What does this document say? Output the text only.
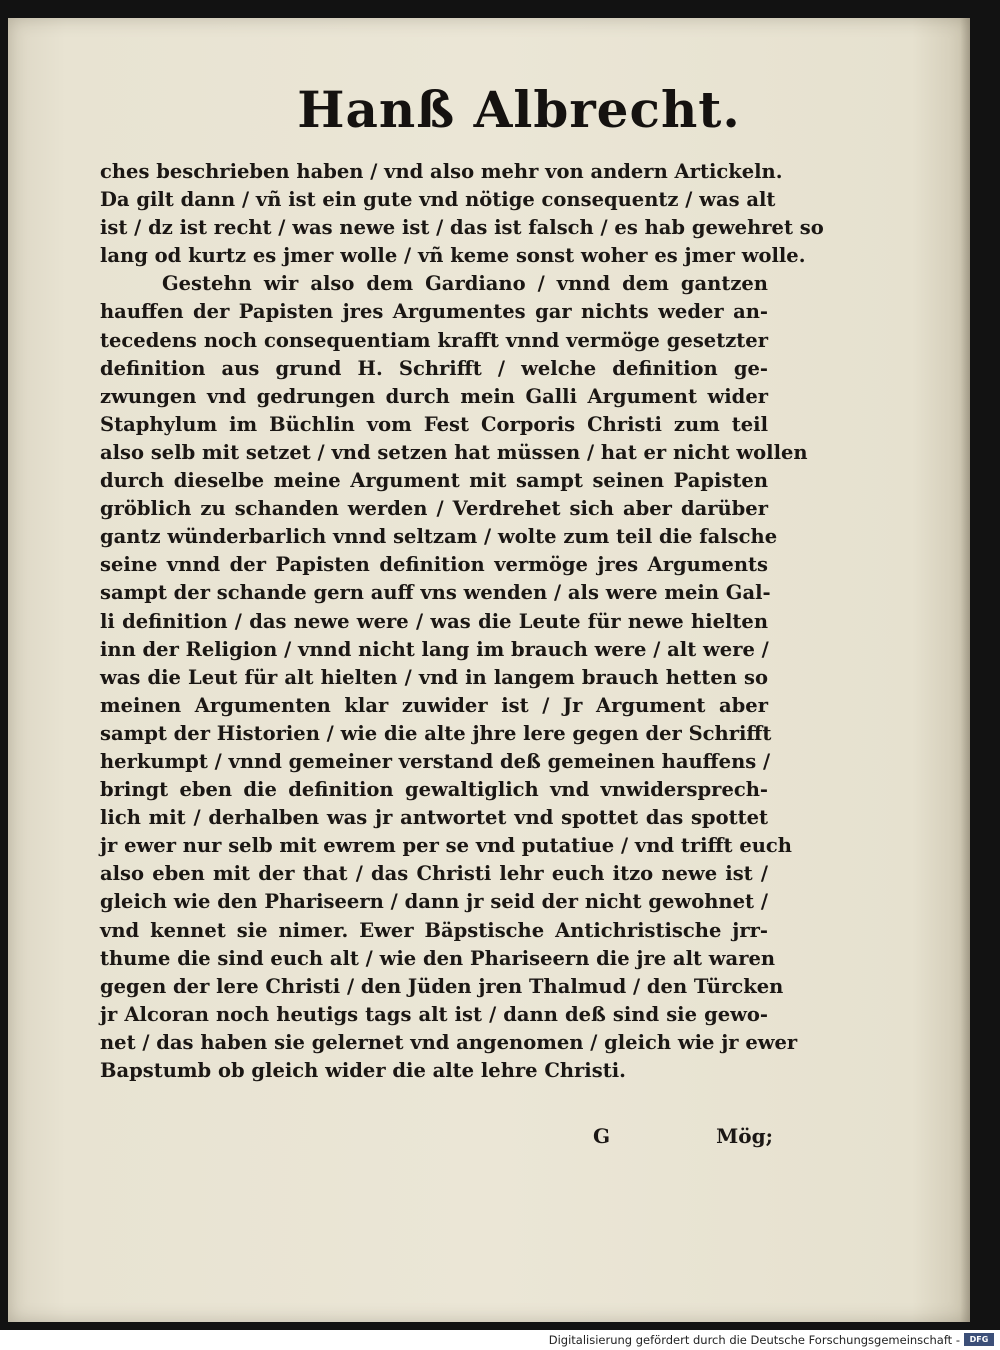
Hanß Albrecht.
ches beschrieben haben / vnd also mehr von andern Artickeln.
Da gilt dann / vñ ist ein gute vnd nötige consequentz / was alt
ist / dz ist recht / was newe ist / das ist falsch / es hab gewehret so
lang od kurtz es jmer wolle / vñ keme sonst woher es jmer wolle.
Gestehn wir also dem Gardiano / vnnd dem gantzen
hauffen der Papisten jres Argumentes gar nichts weder an-
tecedens noch consequentiam krafft vnnd vermöge gesetzter
definition aus grund H. Schrifft / welche definition ge-
zwungen vnd gedrungen durch mein Galli Argument wider
Staphylum im Büchlin vom Fest Corporis Christi zum teil
also selb mit setzet / vnd setzen hat müssen / hat er nicht wollen
durch dieselbe meine Argument mit sampt seinen Papisten
gröblich zu schanden werden / Verdrehet sich aber darüber
gantz wünderbarlich vnnd seltzam / wolte zum teil die falsche
seine vnnd der Papisten definition vermöge jres Arguments
sampt der schande gern auff vns wenden / als were mein Gal-
li definition / das newe were / was die Leute für newe hielten
inn der Religion / vnnd nicht lang im brauch were / alt were /
was die Leut für alt hielten / vnd in langem brauch hetten so
meinen Argumenten klar zuwider ist / Jr Argument aber
sampt der Historien / wie die alte jhre lere gegen der Schrifft
herkumpt / vnnd gemeiner verstand deß gemeinen hauffens /
bringt eben die definition gewaltiglich vnd vnwidersprech-
lich mit / derhalben was jr antwortet vnd spottet das spottet
jr ewer nur selb mit ewrem per se vnd putatiue / vnd trifft euch
also eben mit der that / das Christi lehr euch itzo newe ist /
gleich wie den Phariseern / dann jr seid der nicht gewohnet /
vnd kennet sie nimer. Ewer Bäpstische Antichristische jrr-
thume die sind euch alt / wie den Phariseern die jre alt waren
gegen der lere Christi / den Jüden jren Thalmud / den Türcken
jr Alcoran noch heutigs tags alt ist / dann deß sind sie gewo-
net / das haben sie gelernet vnd angenomen / gleich wie jr ewer
Bapstumb ob gleich wider die alte lehre Christi.
G	Mög;
Digitalisierung gefördert durch die Deutsche Forschungsgemeinschaft -	DFG
